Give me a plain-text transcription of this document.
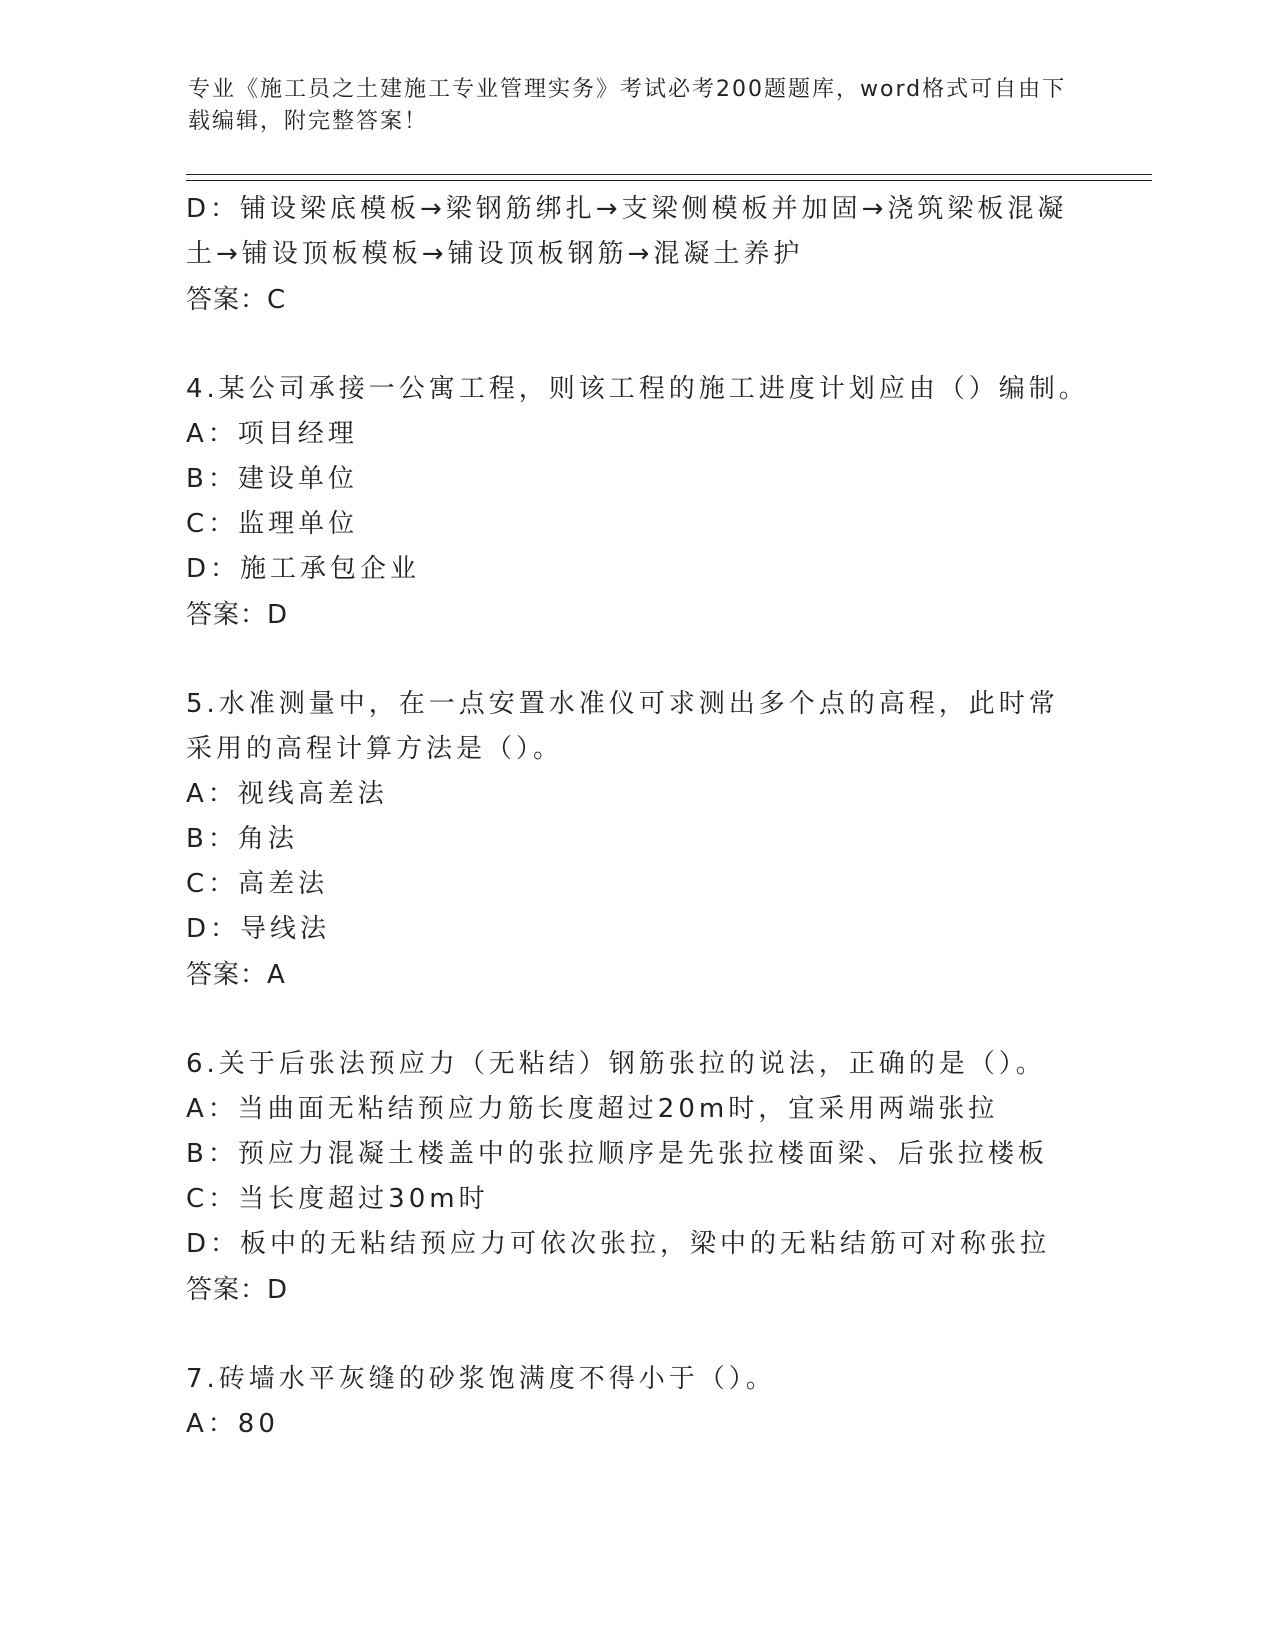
专业《施工员之土建施工专业管理实务》考试必考200题题库，word格式可自由下载编辑，附完整答案！
D：铺设梁底模板→梁钢筋绑扎→支梁侧模板并加固→浇筑梁板混凝土→铺设顶板模板→铺设顶板钢筋→混凝土养护
答案：C
4.某公司承接一公寓工程，则该工程的施工进度计划应由（）编制。
A：项目经理
B：建设单位
C：监理单位
D：施工承包企业
答案：D
5.水准测量中，在一点安置水准仪可求测出多个点的高程，此时常采用的高程计算方法是（）。
A：视线高差法
B：角法
C：高差法
D：导线法
答案：A
6.关于后张法预应力（无粘结）钢筋张拉的说法，正确的是（）。
A：当曲面无粘结预应力筋长度超过20m时，宜采用两端张拉
B：预应力混凝土楼盖中的张拉顺序是先张拉楼面梁、后张拉楼板
C：当长度超过30m时
D：板中的无粘结预应力可依次张拉，梁中的无粘结筋可对称张拉
答案：D
7.砖墙水平灰缝的砂浆饱满度不得小于（）。
A：80
